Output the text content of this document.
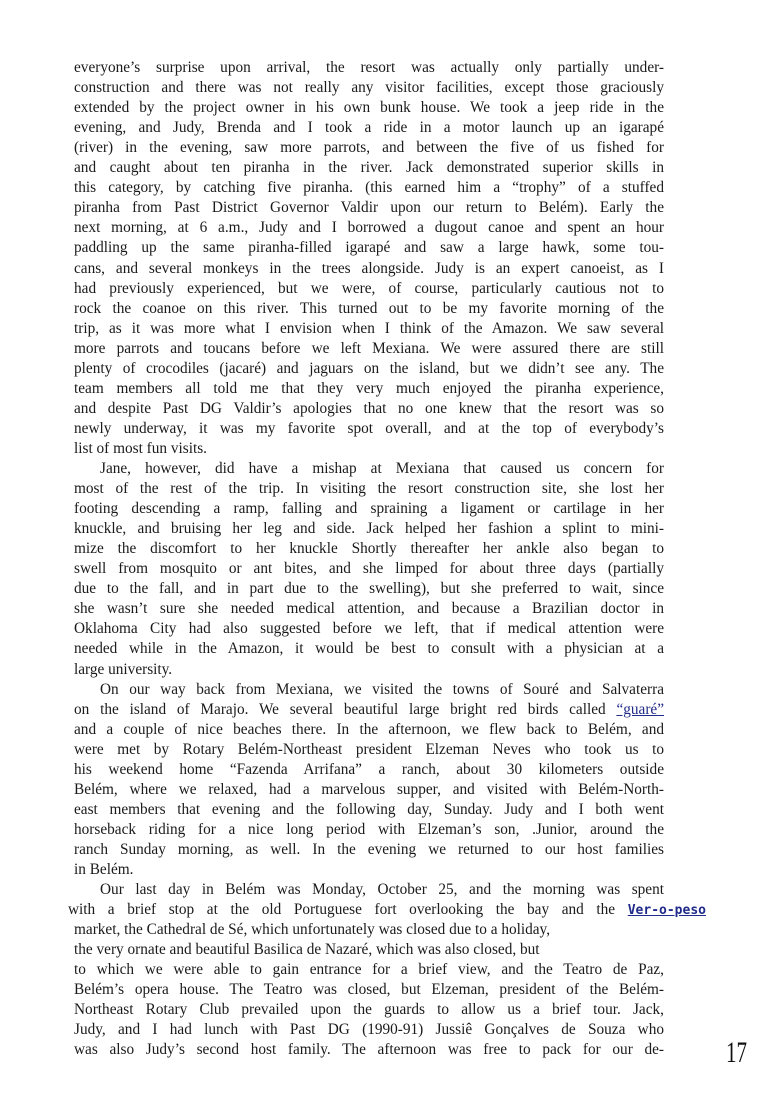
everyone’s surprise upon arrival, the resort was actually only partially under-
construction and there was not really any visitor facilities, except those graciously
extended by the project owner in his own bunk house. We took a jeep ride in the
evening, and Judy, Brenda and I took a ride in a motor launch up an igarapé
(river) in the evening, saw more parrots, and between the five of us fished for
and caught about ten piranha in the river. Jack demonstrated superior skills in
this category, by catching five piranha. (this earned him a “trophy” of a stuffed
piranha from Past District Governor Valdir upon our return to Belém). Early the
next morning, at 6 a.m., Judy and I borrowed a dugout canoe and spent an hour
paddling up the same piranha-filled igarapé and saw a large hawk, some tou-
cans, and several monkeys in the trees alongside. Judy is an expert canoeist, as I
had previously experienced, but we were, of course, particularly cautious not to
rock the coanoe on this river. This turned out to be my favorite morning of the
trip, as it was more what I envision when I think of the Amazon. We saw several
more parrots and toucans before we left Mexiana. We were assured there are still
plenty of crocodiles (jacaré) and jaguars on the island, but we didn’t see any. The
team members all told me that they very much enjoyed the piranha experience,
and despite Past DG Valdir’s apologies that no one knew that the resort was so
newly underway, it was my favorite spot overall, and at the top of everybody’s
list of most fun visits.
Jane, however, did have a mishap at Mexiana that caused us concern for
most of the rest of the trip. In visiting the resort construction site, she lost her
footing descending a ramp, falling and spraining a ligament or cartilage in her
knuckle, and bruising her leg and side. Jack helped her fashion a splint to mini-
mize the discomfort to her knuckle Shortly thereafter her ankle also began to
swell from mosquito or ant bites, and she limped for about three days (partially
due to the fall, and in part due to the swelling), but she preferred to wait, since
she wasn’t sure she needed medical attention, and because a Brazilian doctor in
Oklahoma City had also suggested before we left, that if medical attention were
needed while in the Amazon, it would be best to consult with a physician at a
large university.
On our way back from Mexiana, we visited the towns of Souré and Salvaterra
on the island of Marajo. We several beautiful large bright red birds called “guaré”
and a couple of nice beaches there. In the afternoon, we flew back to Belém, and
were met by Rotary Belém-Northeast president Elzeman Neves who took us to
his weekend home “Fazenda Arrifana” a ranch, about 30 kilometers outside
Belém, where we relaxed, had a marvelous supper, and visited with Belém-North-
east members that evening and the following day, Sunday. Judy and I both went
horseback riding for a nice long period with Elzeman’s son, .Junior, around the
ranch Sunday morning, as well. In the evening we returned to our host families
in Belém.
Our last day in Belém was Monday, October 25, and the morning was spent
with a brief stop at the old Portuguese fort overlooking the bay and the Ver-o-peso
market, the Cathedral de Sé, which unfortunately was closed due to a holiday,
the very ornate and beautiful Basilica de Nazaré, which was also closed, but
to which we were able to gain entrance for a brief view, and the Teatro de Paz,
Belém’s opera house. The Teatro was closed, but Elzeman, president of the Belém-
Northeast Rotary Club prevailed upon the guards to allow us a brief tour. Jack,
Judy, and I had lunch with Past DG (1990-91) Jussiê Gonçalves de Souza who
was also Judy’s second host family. The afternoon was free to pack for our de- 17
